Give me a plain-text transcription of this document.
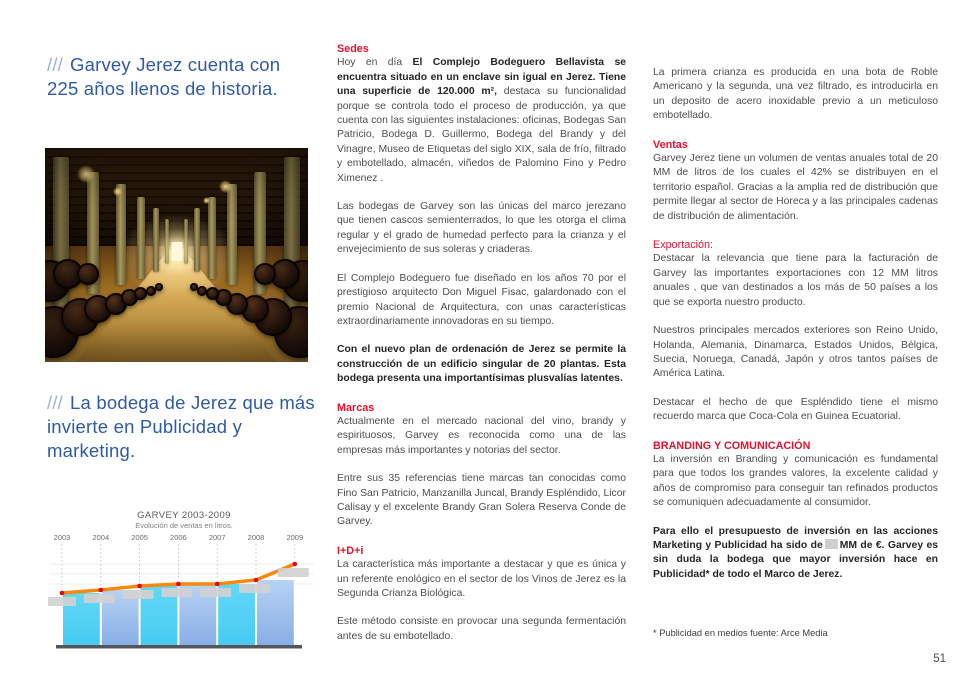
/// Garvey Jerez cuenta con 225 años llenos de historia.
/// La bodega de Jerez que más invierte en Publicidad y marketing.
GARVEY 2003-2009
Evolución de ventas en litros.
2003	2004	2005	2006	2007	2008	2009
Sedes

Hoy en día El Complejo Bodeguero Bellavista se encuentra situado en un enclave sin igual en Jerez. Tiene una superficie de 120.000 m², destaca su funcionalidad porque se controla todo el proceso de producción, ya que cuenta con las siguientes instalaciones: oficinas, Bodegas San Patricio, Bodega D. Guillermo, Bodega del Brandy y del Vinagre, Museo de Etiquetas del siglo XIX, sala de frío, filtrado y embotellado, almacén, viñedos de Palomino Fino y Pedro Ximenez .

Las bodegas de Garvey son las únicas del marco jerezano que tienen cascos semienterrados, lo que les otorga el clima regular y el grado de humedad perfecto para la crianza y el envejecimiento de sus soleras y criaderas.

El Complejo Bodeguero fue diseñado en los años 70 por el prestigioso arquitecto Don Miguel Fisac, galardonado con el premio Nacional de Arquitectura, con unas características extraordinariamente innovadoras en su tiempo.

Con el nuevo plan de ordenación de Jerez se permite la construcción de un edificio singular de 20 plantas. Esta bodega presenta una importantísimas plusvalías latentes.

Marcas

Actualmente en el mercado nacional del vino, brandy y espirituosos, Garvey es reconocida como una de las empresas más importantes y notorias del sector.

Entre sus 35 referencias tiene marcas tan conocidas como Fino San Patricio, Manzanilla Juncal, Brandy Espléndido, Licor Calisay y el excelente Brandy Gran Solera Reserva Conde de Garvey.

I+D+i

La característica más importante a destacar y que es única y un referente enológico en el sector de los Vinos de Jerez es la Segunda Crianza Biológica.

Este método consiste en provocar una segunda fermentación antes de su embotellado.

La primera crianza es producida en una bota de Roble Americano y la segunda, una vez filtrado, es introducirla en un deposito de acero inoxidable previo a un meticuloso embotellado.

Ventas

Garvey Jerez tiene un volumen de ventas anuales total de 20 MM de litros de los cuales el 42% se distribuyen en el territorio español. Gracias a la amplia red de distribución que permite llegar al sector de Horeca y a las principales cadenas de distribución de alimentación.

Exportación:

Destacar la relevancia que tiene para la facturación de Garvey las importantes exportaciones con 12 MM litros anuales , que van destinados a los más de 50 países a los que se exporta nuestro producto.

Nuestros principales mercados exteriores son Reino Unido, Holanda, Alemania, Dinamarca, Estados Unidos, Bélgica, Suecia, Noruega, Canadá, Japón y otros tantos países de América Latina.

Destacar el hecho de que Espléndido tiene el mismo recuerdo marca que Coca-Cola en Guinea Ecuatorial.

BRANDING Y COMUNICACIÓN

La inversión en Branding y comunicación es fundamental para que todos los grandes valores, la excelente calidad y años de compromiso para conseguir tan refinados productos se comuniquen adecuadamente al consumidor.

Para ello el presupuesto de inversión en las acciones Marketing y Publicidad ha sido de MM de €. Garvey es sin duda la bodega que mayor inversión hace en Publicidad* de todo el Marco de Jerez.

* Publicidad en medios fuente: Arce Media
51
